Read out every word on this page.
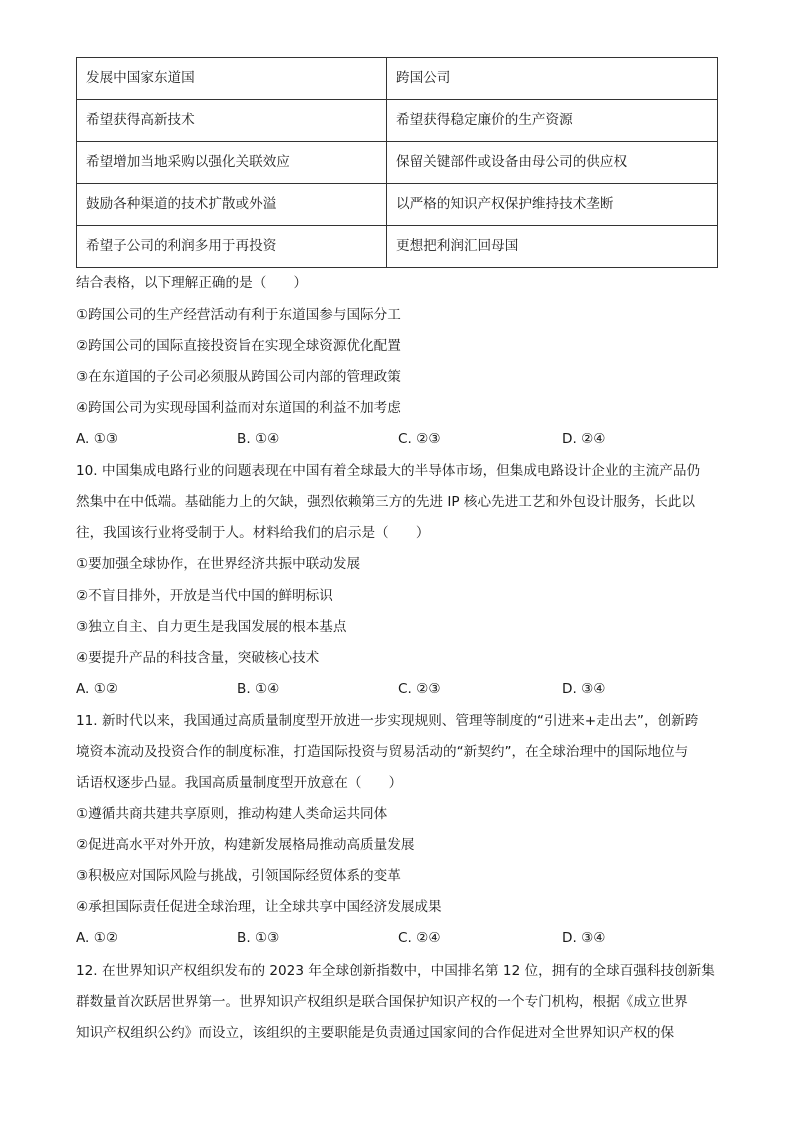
发展中国家东道国	跨国公司
希望获得高新技术	希望获得稳定廉价的生产资源
希望增加当地采购以强化关联效应	保留关键部件或设备由母公司的供应权
鼓励各种渠道的技术扩散或外溢	以严格的知识产权保护维持技术垄断
希望子公司的利润多用于再投资	更想把利润汇回母国
结合表格，以下理解正确的是（　　）
①跨国公司的生产经营活动有利于东道国参与国际分工
②跨国公司的国际直接投资旨在实现全球资源优化配置
③在东道国的子公司必须服从跨国公司内部的管理政策
④跨国公司为实现母国利益而对东道国的利益不加考虑
A. ①③	B. ①④	C. ②③	D. ②④
10. 中国集成电路行业的问题表现在中国有着全球最大的半导体市场，但集成电路设计企业的主流产品仍
然集中在中低端。基础能力上的欠缺，强烈依赖第三方的先进 IP 核心先进工艺和外包设计服务，长此以
往，我国该行业将受制于人。材料给我们的启示是（　　）
①要加强全球协作，在世界经济共振中联动发展
②不盲目排外，开放是当代中国的鲜明标识
③独立自主、自力更生是我国发展的根本基点
④要提升产品的科技含量，突破核心技术
A. ①②	B. ①④	C. ②③	D. ③④
11. 新时代以来，我国通过高质量制度型开放进一步实现规则、管理等制度的“引进来+走出去”，创新跨
境资本流动及投资合作的制度标准，打造国际投资与贸易活动的“新契约”，在全球治理中的国际地位与
话语权逐步凸显。我国高质量制度型开放意在（　　）
①遵循共商共建共享原则，推动构建人类命运共同体
②促进高水平对外开放，构建新发展格局推动高质量发展
③积极应对国际风险与挑战，引领国际经贸体系的变革
④承担国际责任促进全球治理，让全球共享中国经济发展成果
A. ①②	B. ①③	C. ②④	D. ③④
12. 在世界知识产权组织发布的 2023 年全球创新指数中，中国排名第 12 位，拥有的全球百强科技创新集
群数量首次跃居世界第一。世界知识产权组织是联合国保护知识产权的一个专门机构，根据《成立世界
知识产权组织公约》而设立，该组织的主要职能是负责通过国家间的合作促进对全世界知识产权的保
